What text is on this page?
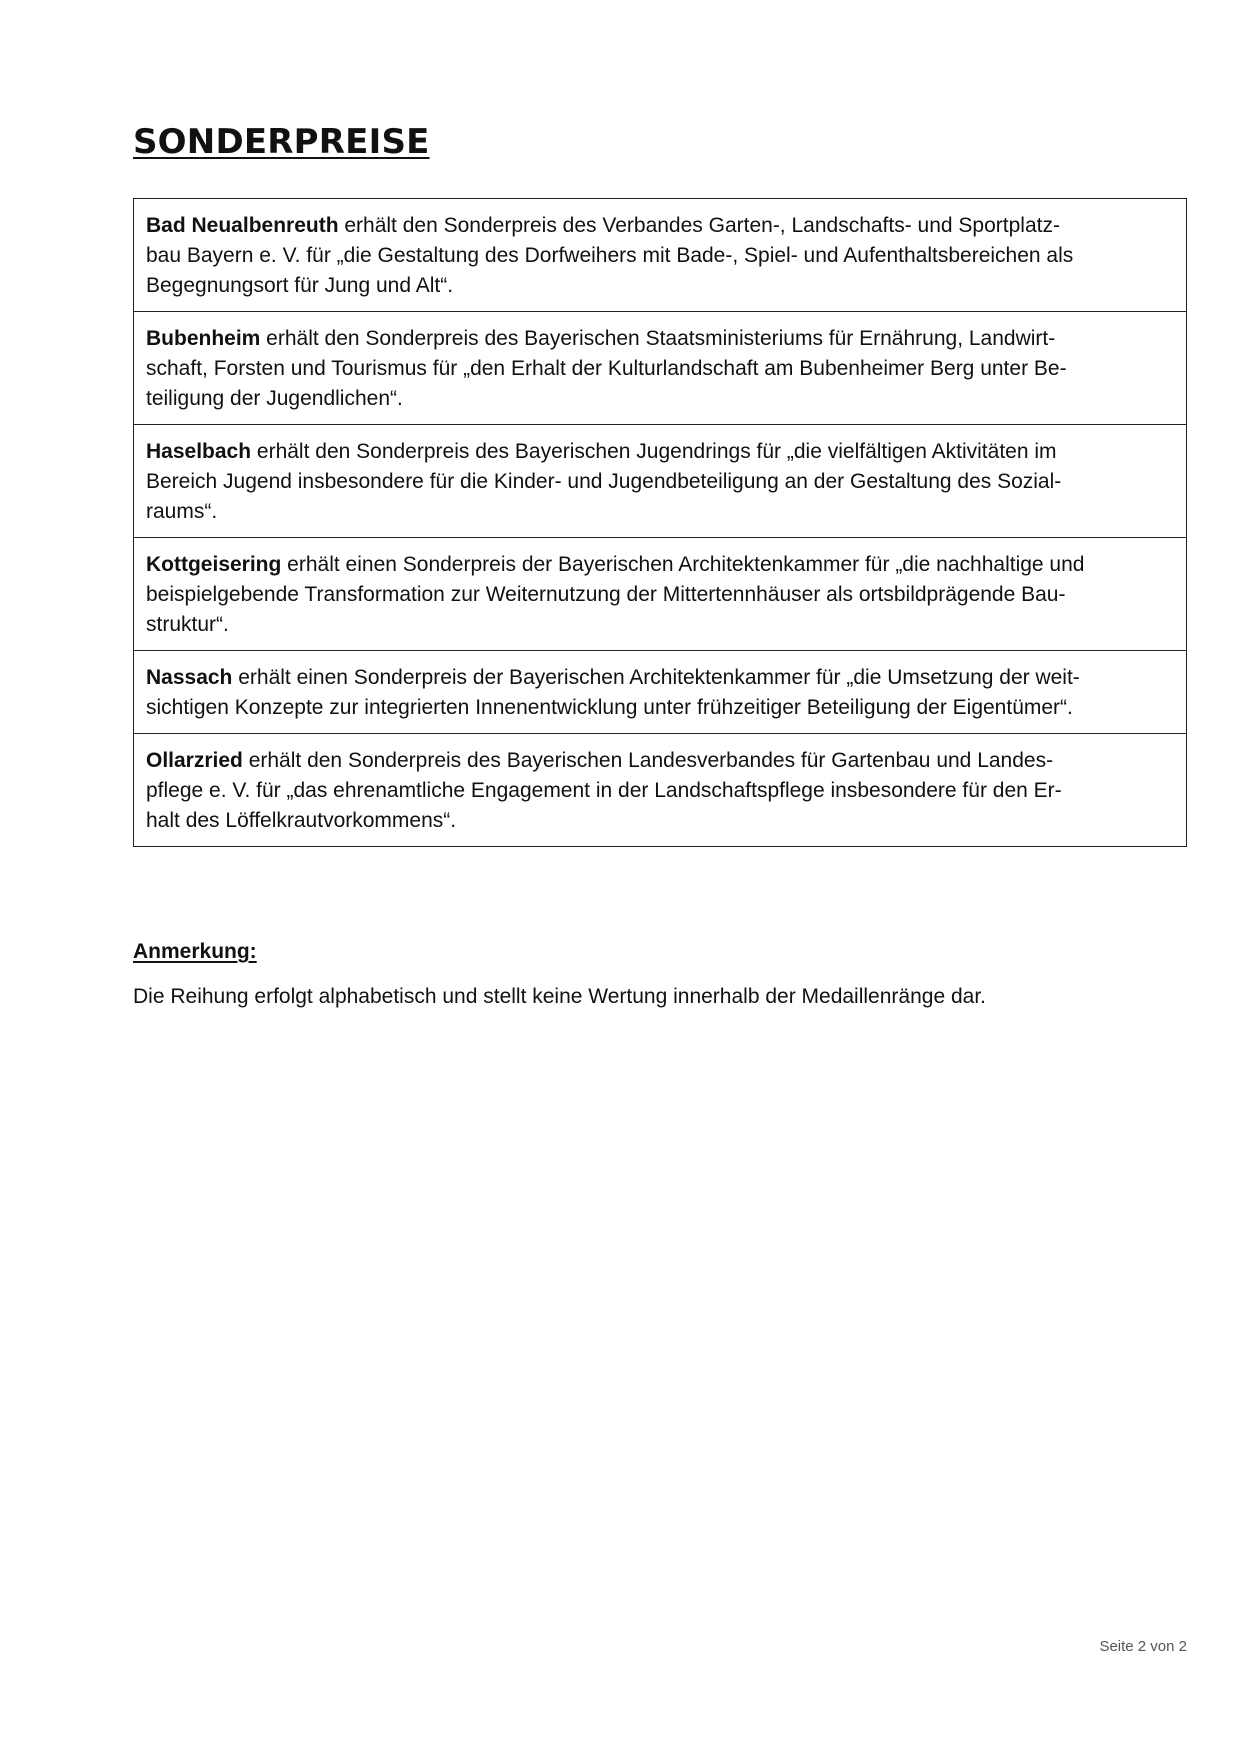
SONDERPREISE
Bad Neualbenreuth erhält den Sonderpreis des Verbandes Garten-, Landschafts- und Sportplatz-
bau Bayern e. V. für „die Gestaltung des Dorfweihers mit Bade-, Spiel- und Aufenthaltsbereichen als
Begegnungsort für Jung und Alt“.

Bubenheim erhält den Sonderpreis des Bayerischen Staatsministeriums für Ernährung, Landwirt-
schaft, Forsten und Tourismus für „den Erhalt der Kulturlandschaft am Bubenheimer Berg unter Be-
teiligung der Jugendlichen“.

Haselbach erhält den Sonderpreis des Bayerischen Jugendrings für „die vielfältigen Aktivitäten im
Bereich Jugend insbesondere für die Kinder- und Jugendbeteiligung an der Gestaltung des Sozial-
raums“.

Kottgeisering erhält einen Sonderpreis der Bayerischen Architektenkammer für „die nachhaltige und
beispielgebende Transformation zur Weiternutzung der Mittertennhäuser als ortsbildprägende Bau-
struktur“.

Nassach erhält einen Sonderpreis der Bayerischen Architektenkammer für „die Umsetzung der weit-
sichtigen Konzepte zur integrierten Innenentwicklung unter frühzeitiger Beteiligung der Eigentümer“.

Ollarzried erhält den Sonderpreis des Bayerischen Landesverbandes für Gartenbau und Landes-
pflege e. V. für „das ehrenamtliche Engagement in der Landschaftspflege insbesondere für den Er-
halt des Löffelkrautvorkommens“.
Anmerkung:

Die Reihung erfolgt alphabetisch und stellt keine Wertung innerhalb der Medaillenränge dar.

Seite 2 von 2
